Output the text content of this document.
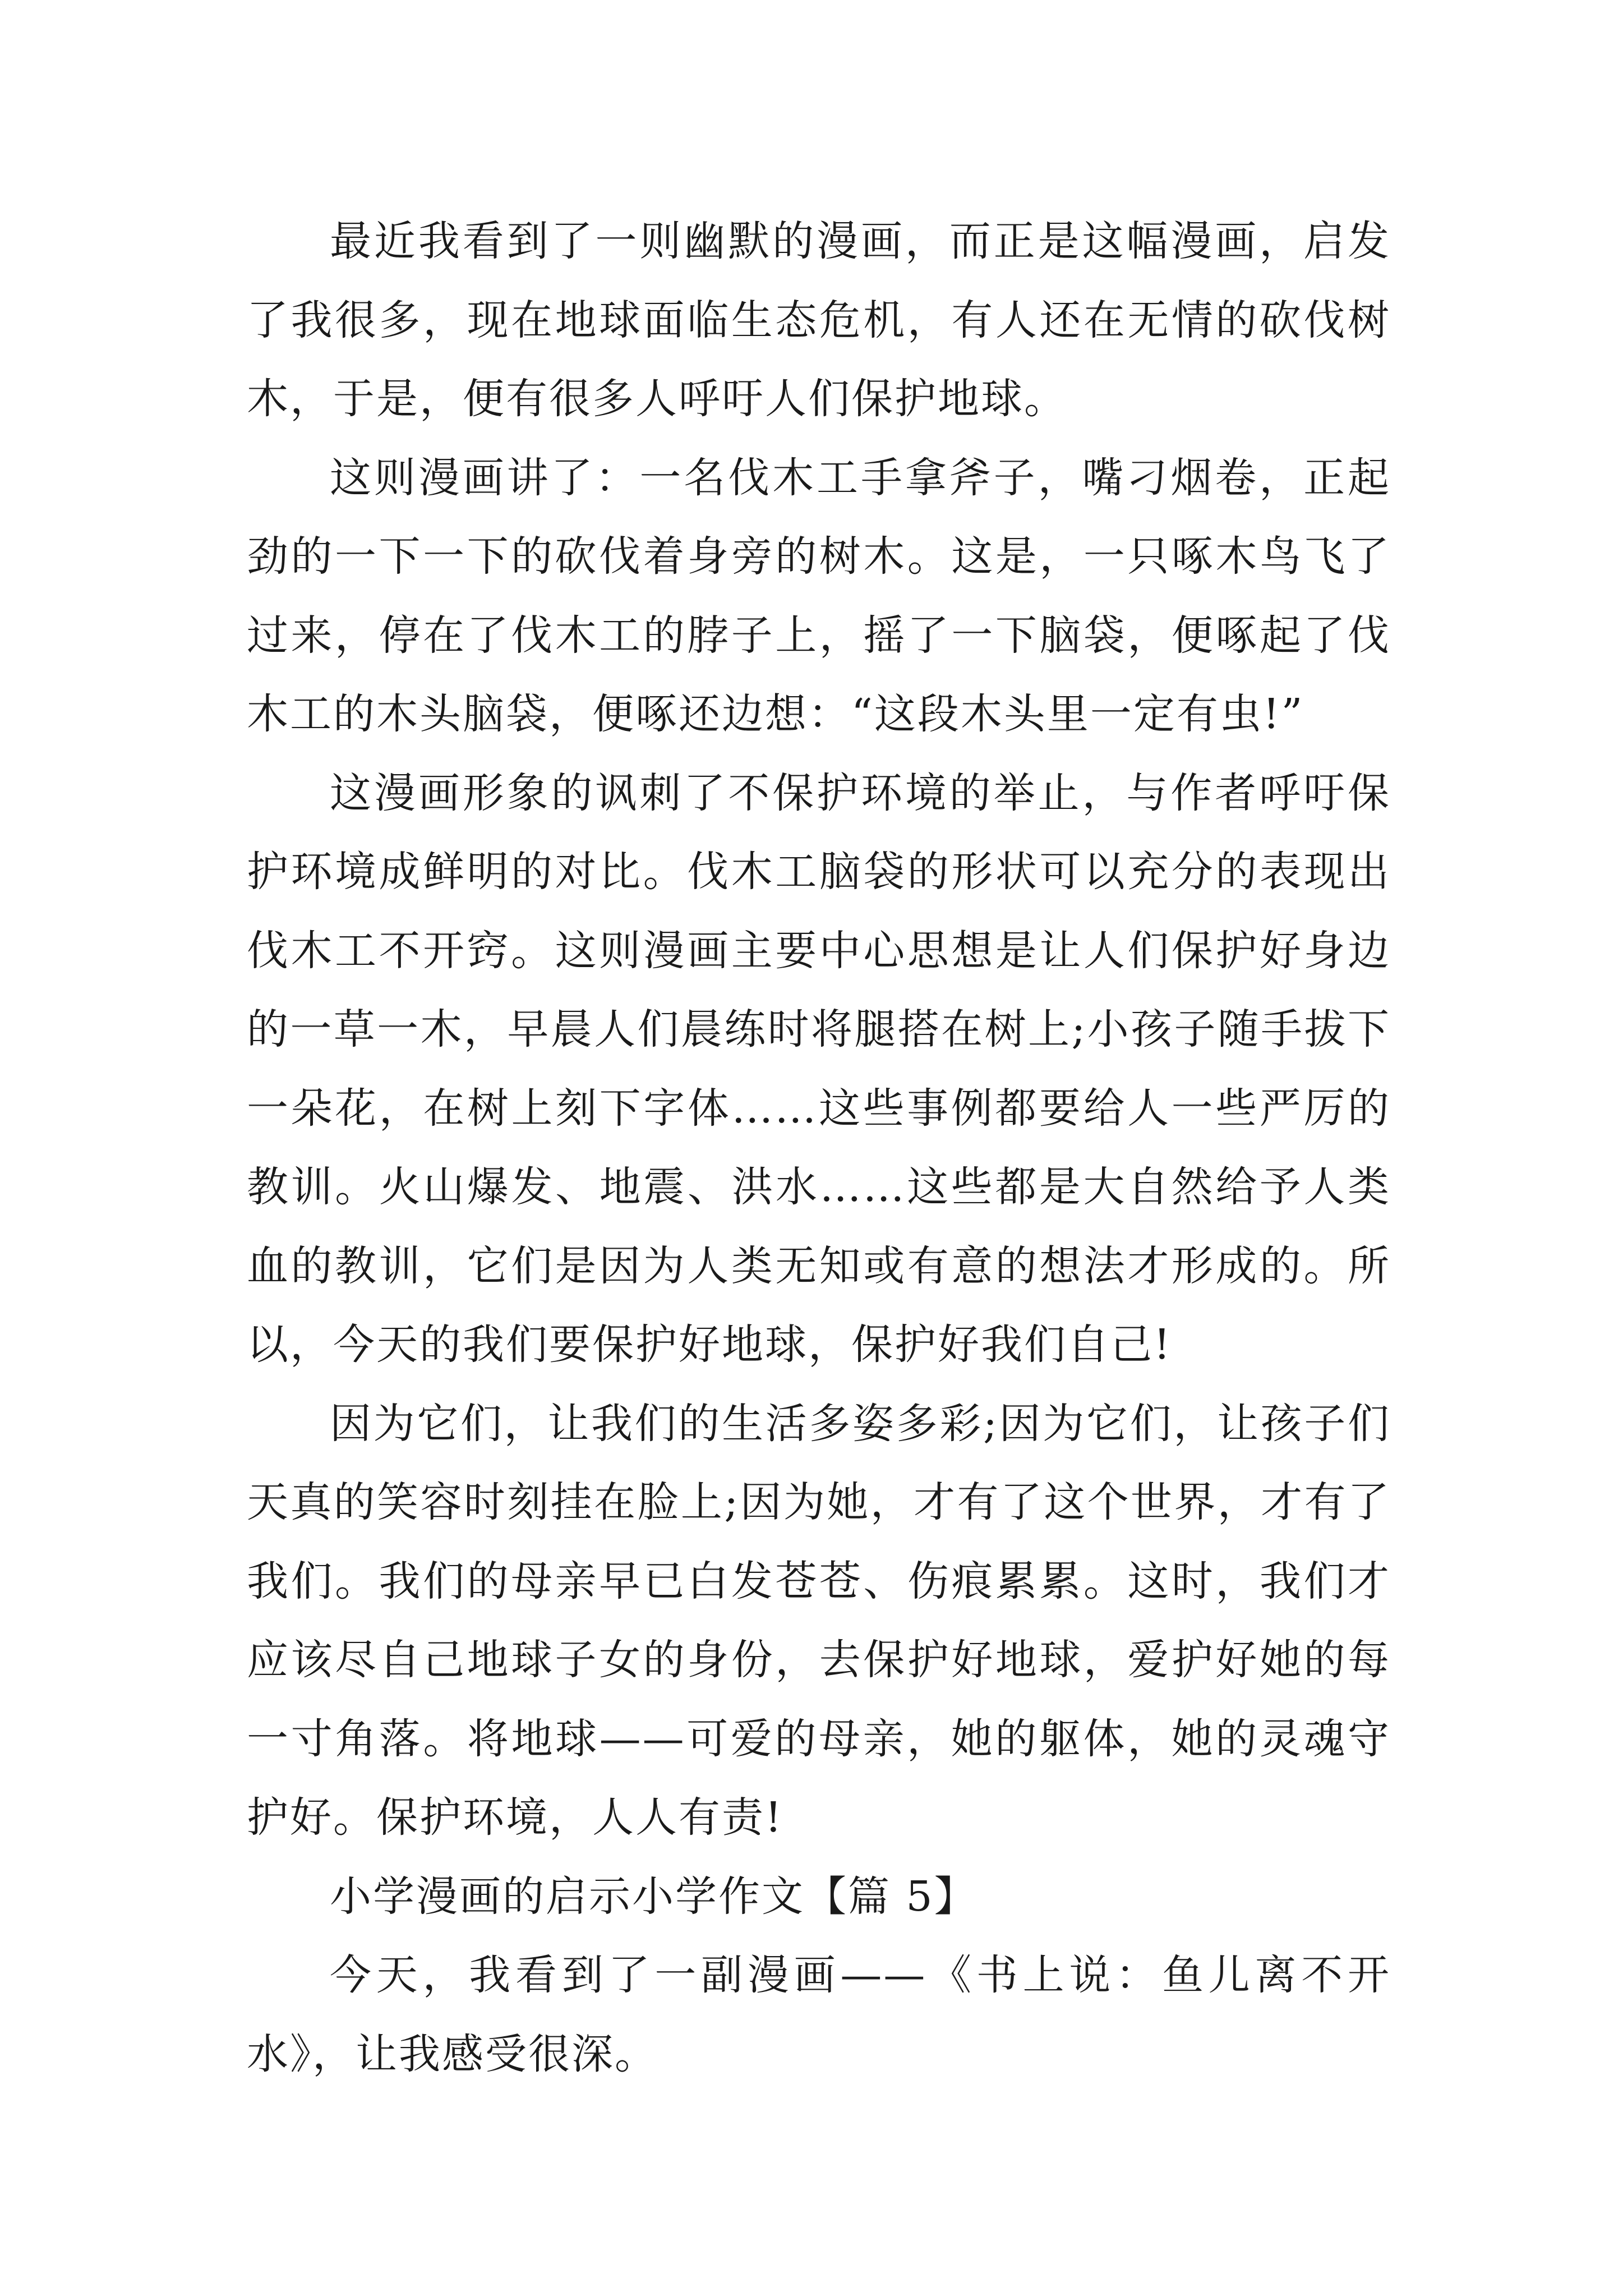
最近我看到了一则幽默的漫画，而正是这幅漫画，启发了我很多，现在地球面临生态危机，有人还在无情的砍伐树木，于是，便有很多人呼吁人们保护地球。

这则漫画讲了：一名伐木工手拿斧子，嘴刁烟卷，正起劲的一下一下的砍伐着身旁的树木。这是，一只啄木鸟飞了过来，停在了伐木工的脖子上，摇了一下脑袋，便啄起了伐木工的木头脑袋，便啄还边想：“这段木头里一定有虫!”

这漫画形象的讽刺了不保护环境的举止，与作者呼吁保护环境成鲜明的对比。伐木工脑袋的形状可以充分的表现出伐木工不开窍。这则漫画主要中心思想是让人们保护好身边的一草一木，早晨人们晨练时将腿搭在树上;小孩子随手拔下一朵花，在树上刻下字体……这些事例都要给人一些严厉的教训。火山爆发、地震、洪水……这些都是大自然给予人类血的教训，它们是因为人类无知或有意的想法才形成的。所以，今天的我们要保护好地球，保护好我们自己!

因为它们，让我们的生活多姿多彩;因为它们，让孩子们天真的笑容时刻挂在脸上;因为她，才有了这个世界，才有了我们。我们的母亲早已白发苍苍、伤痕累累。这时，我们才应该尽自己地球子女的身份，去保护好地球，爱护好她的每一寸角落。将地球——可爱的母亲，她的躯体，她的灵魂守护好。保护环境，人人有责!

小学漫画的启示小学作文【篇 5】

今天，我看到了一副漫画——《书上说：鱼儿离不开水》，让我感受很深。
